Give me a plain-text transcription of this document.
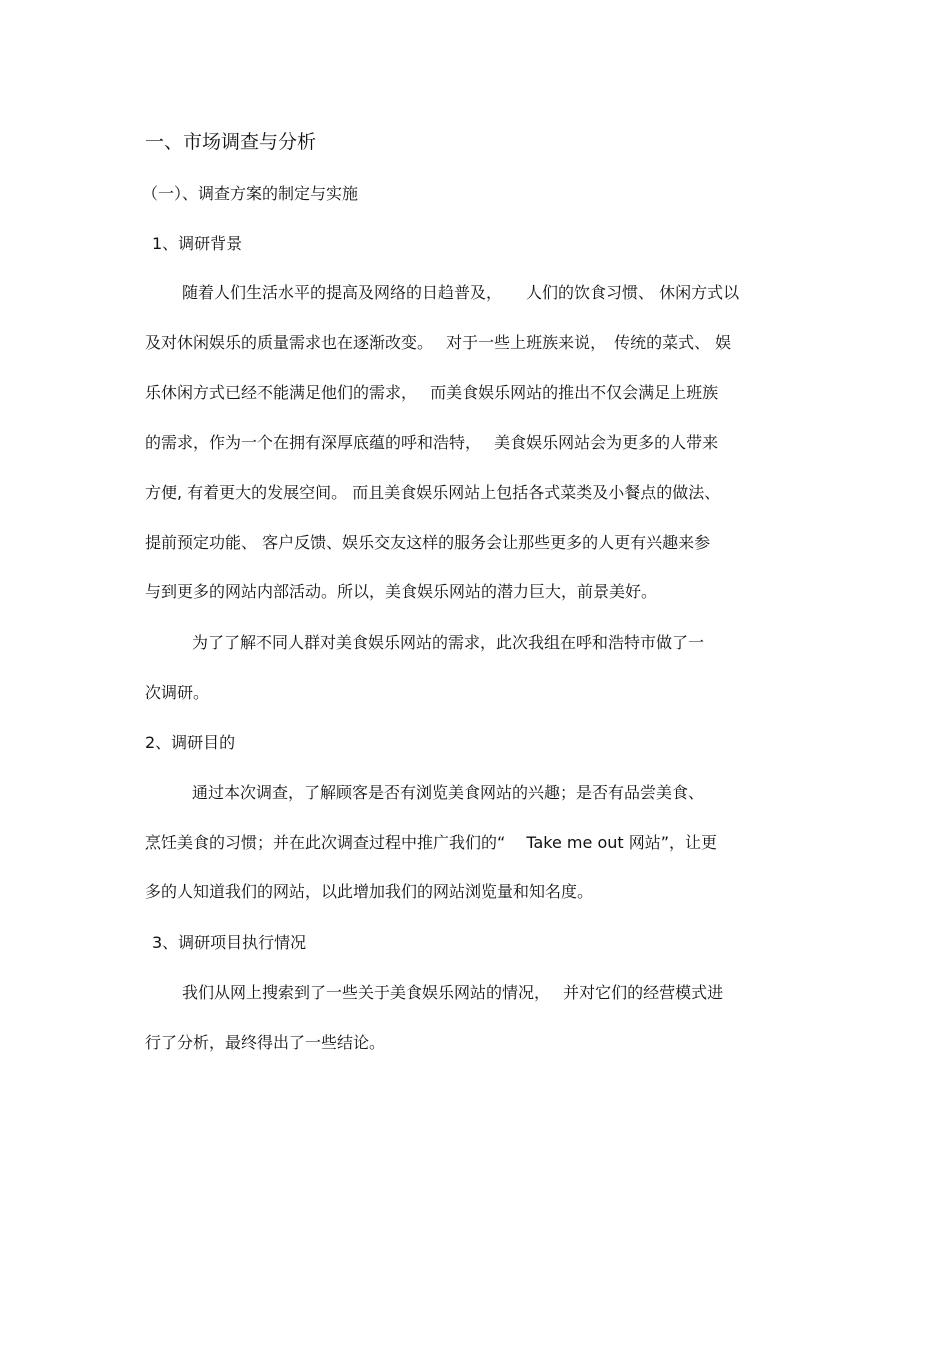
一、市场调查与分析
（一）、调查方案的制定与实施
1、调研背景
随着人们生活水平的提高及网络的日趋普及，　　人们的饮食习惯、 休闲方式以
及对休闲娱乐的质量需求也在逐渐改变。　 对于一些上班族来说，　传统的菜式、 娱
乐休闲方式已经不能满足他们的需求，　 而美食娱乐网站的推出不仅会满足上班族
的需求，作为一个在拥有深厚底蕴的呼和浩特，　 美食娱乐网站会为更多的人带来
方便, 有着更大的发展空间。 而且美食娱乐网站上包括各式菜类及小餐点的做法、
提前预定功能、 客户反馈、娱乐交友这样的服务会让那些更多的人更有兴趣来参
与到更多的网站内部活动。所以，美食娱乐网站的潜力巨大，前景美好。
为了了解不同人群对美食娱乐网站的需求，此次我组在呼和浩特市做了一
次调研。
2、调研目的
通过本次调查，了解顾客是否有浏览美食网站的兴趣；是否有品尝美食、
烹饪美食的习惯；并在此次调查过程中推广我们的“　 Take me out 网站”，让更
多的人知道我们的网站，以此增加我们的网站浏览量和知名度。
3、调研项目执行情况
我们从网上搜索到了一些关于美食娱乐网站的情况，　 并对它们的经营模式进
行了分析，最终得出了一些结论。
